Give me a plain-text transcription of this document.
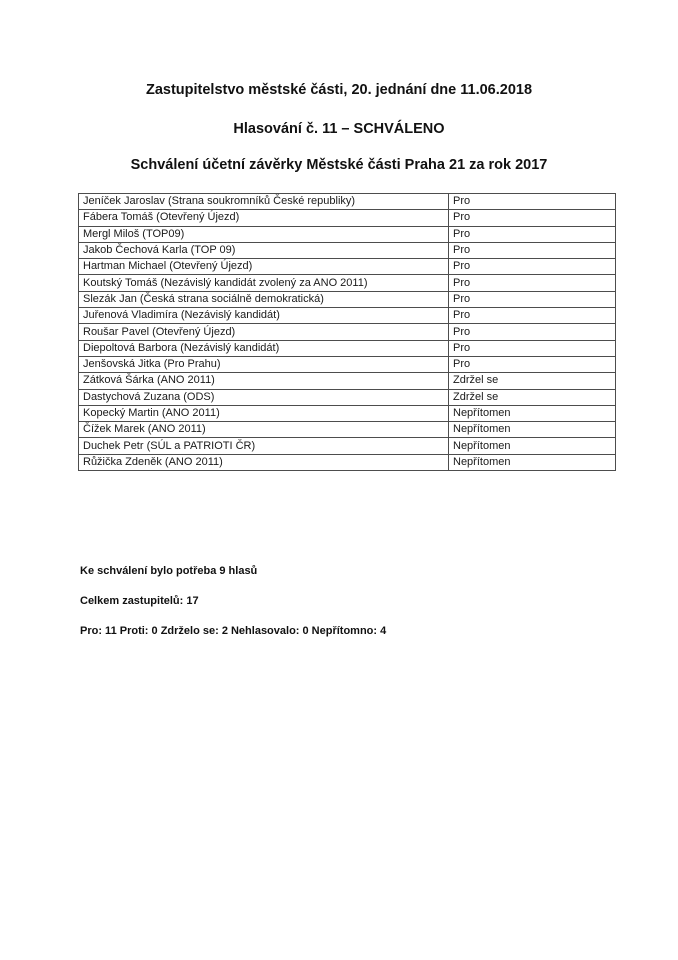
Zastupitelstvo městské části, 20. jednání dne 11.06.2018

Hlasování č. 11 – SCHVÁLENO

Schválení účetní závěrky Městské části Praha 21 za rok 2017

Jeníček Jaroslav (Strana soukromníků České republiky)	Pro
Fábera Tomáš (Otevřený Újezd)	Pro
Mergl Miloš (TOP09)	Pro
Jakob Čechová Karla (TOP 09)	Pro
Hartman Michael (Otevřený Újezd)	Pro
Koutský Tomáš (Nezávislý kandidát zvolený za ANO 2011)	Pro
Slezák Jan (Česká strana sociálně demokratická)	Pro
Juřenová Vladimíra (Nezávislý kandidát)	Pro
Roušar Pavel (Otevřený Újezd)	Pro
Diepoltová Barbora (Nezávislý kandidát)	Pro
Jenšovská Jitka (Pro Prahu)	Pro
Zátková Šárka (ANO 2011)	Zdržel se
Dastychová Zuzana (ODS)	Zdržel se
Kopecký Martin (ANO 2011)	Nepřítomen
Čížek Marek (ANO 2011)	Nepřítomen
Duchek Petr (SÚL a PATRIOTI ČR)	Nepřítomen
Růžička Zdeněk (ANO 2011)	Nepřítomen

Ke schválení bylo potřeba 9 hlasů

Celkem zastupitelů: 17

Pro: 11 Proti: 0 Zdrželo se: 2 Nehlasovalo: 0 Nepřítomno: 4
